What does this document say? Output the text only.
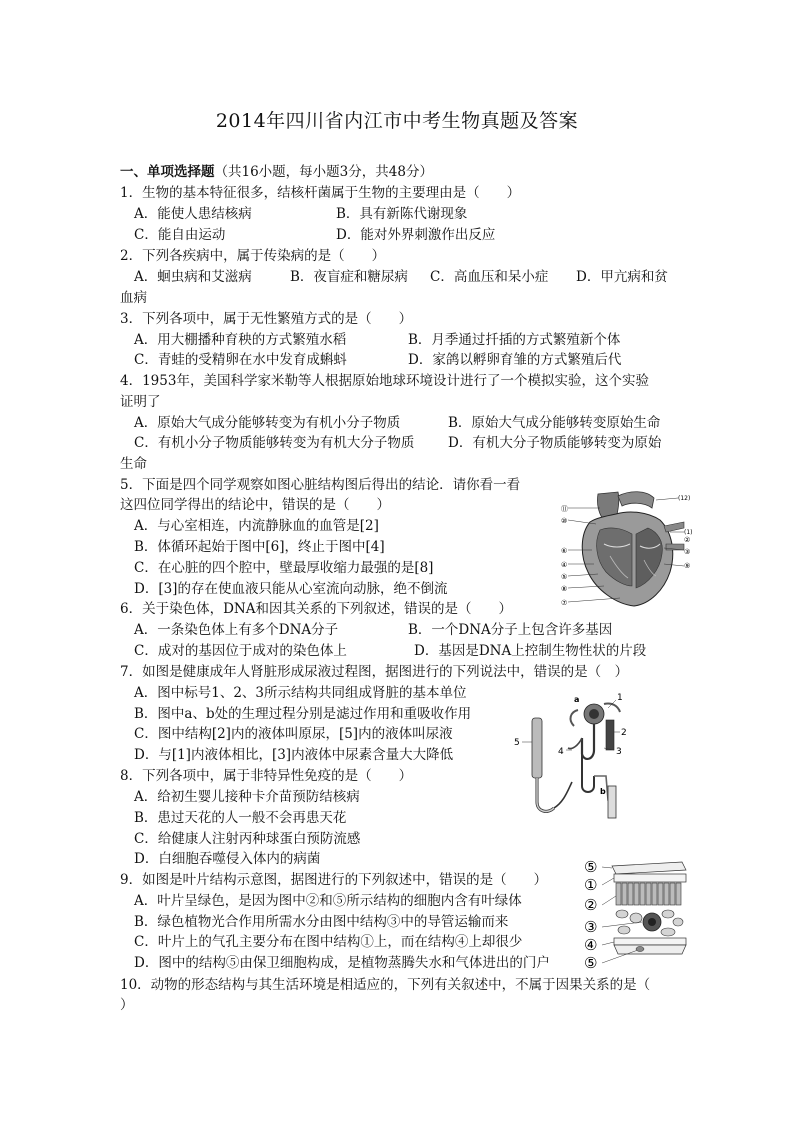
2014年四川省内江市中考生物真题及答案
一、单项选择题（共16小题，每小题3分，共48分）
1．生物的基本特征很多，结核杆菌属于生物的主要理由是（　　）
A．能使人患结核病	B．具有新陈代谢现象
C．能自由运动	D．能对外界刺激作出反应
2．下列各疾病中，属于传染病的是（　　）
A．蛔虫病和艾滋病	B．夜盲症和糖尿病 C．高血压和呆小症 D．甲亢病和贫
血病
3．下列各项中，属于无性繁殖方式的是（　　）
A．用大棚播种育秧的方式繁殖水稻	B．月季通过扦插的方式繁殖新个体
C．青蛙的受精卵在水中发育成蝌蚪	D．家鸽以孵卵育雏的方式繁殖后代
4．1953年，美国科学家米勒等人根据原始地球环境设计进行了一个模拟实验，这个实验
证明了
A．原始大气成分能够转变为有机小分子物质	B．原始大气成分能够转变原始生命
C．有机小分子物质能够转变为有机大分子物质 D．有机大分子物质能够转变为原始
生命
5．下面是四个同学观察如图心脏结构图后得出的结论．请你看一看
这四位同学得出的结论中，错误的是（　　）
A．与心室相连，内流静脉血的血管是[2]
B．体循环起始于图中[6]，终止于图中[4]
C．在心脏的四个腔中，壁最厚收缩力最强的是[8]
D．[3]的存在使血液只能从心室流向动脉，绝不倒流
⑪
⑩
⑥
④
⑤
⑧
⑦
(12)
(1)
②
③
⑨
6．关于染色体，DNA和因其关系的下列叙述，错误的是（　　）
A．一条染色体上有多个DNA分子	B．一个DNA分子上包含许多基因
C．成对的基因位于成对的染色体上	D．基因是DNA上控制生物性状的片段
7．如图是健康成年人肾脏形成尿液过程图，据图进行的下列说法中，错误的是（　）
A．图中标号1、2、3所示结构共同组成肾脏的基本单位
B．图中a、b处的生理过程分别是滤过作用和重吸收作用
C．图中结构[2]内的液体叫原尿，[5]内的液体叫尿液
D．与[1]内液体相比，[3]内液体中尿素含量大大降低
a	1
2
3
4
5
b
8．下列各项中，属于非特异性免疫的是（　　）
A．给初生婴儿接种卡介苗预防结核病
B．患过天花的人一般不会再患天花
C．给健康人注射丙种球蛋白预防流感
D．白细胞吞噬侵入体内的病菌
9．如图是叶片结构示意图，据图进行的下列叙述中，错误的是（　　）
A．叶片呈绿色，是因为图中②和⑤所示结构的细胞内含有叶绿体
B．绿色植物光合作用所需水分由图中结构③中的导管运输而来
C．叶片上的气孔主要分布在图中结构①上，而在结构④上却很少
D．图中的结构⑤由保卫细胞构成，是植物蒸腾失水和气体进出的门户
⑤
①
②
③
④
⑤
10．动物的形态结构与其生活环境是相适应的，下列有关叙述中，不属于因果关系的是（
）
